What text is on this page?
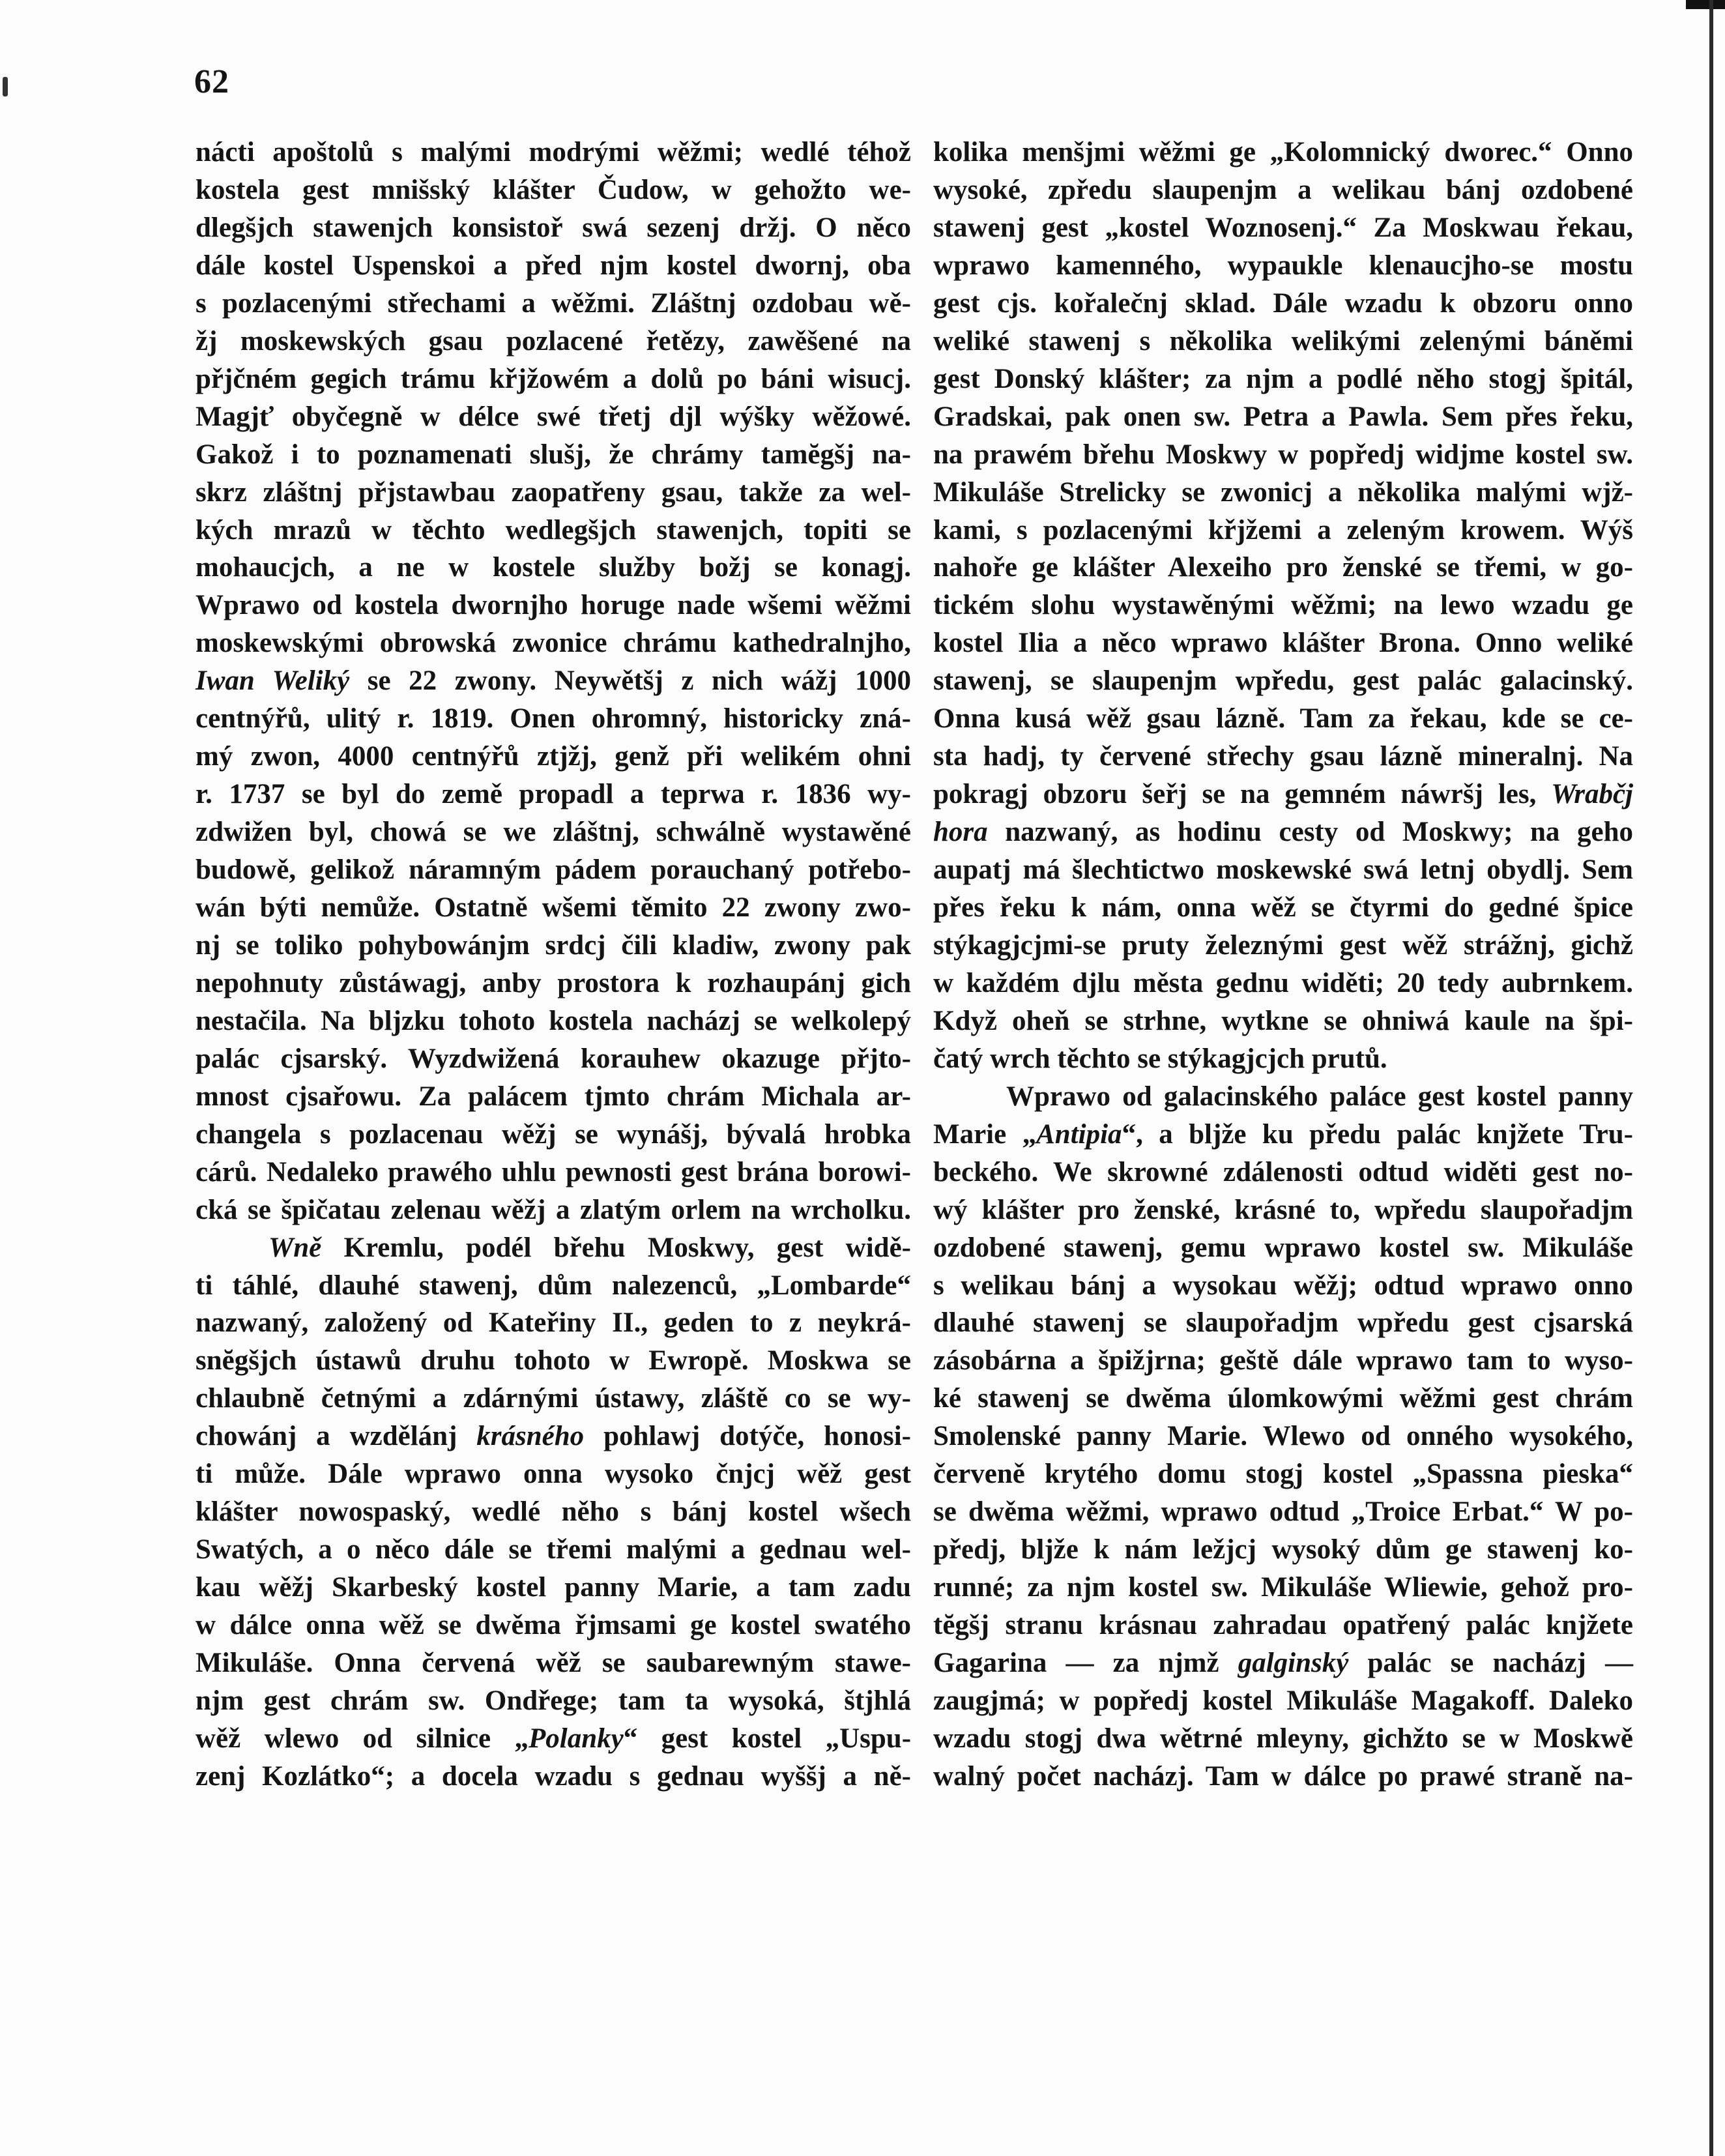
62
nácti apoštolů s malými modrými wěžmi; wedlé téhož
kostela gest mnišský klášter Čudow, w gehožto we-
dlegšjch stawenjch konsistoř swá sezenj držj. O něco
dále kostel Uspenskoi a před njm kostel dwornj, oba
s pozlacenými střechami a wěžmi. Zláštnj ozdobau wě-
žj moskewských gsau pozlacené řetězy, zawěšené na
přjčném gegich trámu křjžowém a dolů po báni wisucj.
Magjť obyčegně w délce swé třetj djl wýšky wěžowé.
Gakož i to poznamenati slušj, že chrámy tamĕgšj na-
skrz zláštnj přjstawbau zaopatřeny gsau, takže za wel-
kých mrazů w těchto wedlegšjch stawenjch, topiti se
mohaucjch, a ne w kostele služby božj se konagj.
Wprawo od kostela dwornjho horuge nade wšemi wěžmi
moskewskými obrowská zwonice chrámu kathedralnjho,
Iwan Weliký se 22 zwony. Neywětšj z nich wážj 1000
centnýřů, ulitý r. 1819. Onen ohromný, historicky zná-
mý zwon, 4000 centnýřů ztjžj, genž při welikém ohni
r. 1737 se byl do země propadl a teprwa r. 1836 wy-
zdwižen byl, chowá se we zláštnj, schwálně wystawěné
budowě, gelikož náramným pádem porauchaný potřebo-
wán býti nemůže. Ostatně wšemi těmito 22 zwony zwo-
nj se toliko pohybowánjm srdcj čili kladiw, zwony pak
nepohnuty zůstáwagj, anby prostora k rozhaupánj gich
nestačila. Na bljzku tohoto kostela nacházj se welkolepý
palác cjsarský. Wyzdwižená korauhew okazuge přjto-
mnost cjsařowu. Za palácem tjmto chrám Michala ar-
changela s pozlacenau wěžj se wynášj, bývalá hrobka
cárů. Nedaleko prawého uhlu pewnosti gest brána borowi-
cká se špičatau zelenau wěžj a zlatým orlem na wrcholku.
Wně Kremlu, podél břehu Moskwy, gest widě-
ti táhlé, dlauhé stawenj, dům nalezenců, „Lombarde“
nazwaný, založený od Kateřiny II., geden to z neykrá-
snĕgšjch ústawů druhu tohoto w Ewropě. Moskwa se
chlaubně četnými a zdárnými ústawy, zláště co se wy-
chowánj a wzdělánj krásného pohlawj dotýče, honosi-
ti může. Dále wprawo onna wysoko čnjcj wěž gest
klášter nowospaský, wedlé něho s bánj kostel wšech
Swatých, a o něco dále se třemi malými a gednau wel-
kau wěžj Skarbeský kostel panny Marie, a tam zadu
w dálce onna wěž se dwěma řjmsami ge kostel swatého
Mikuláše. Onna červená wěž se saubarewným stawe-
njm gest chrám sw. Ondřege; tam ta wysoká, štjhlá
wěž wlewo od silnice „Polanky“ gest kostel „Uspu-
zenj Kozlátko“; a docela wzadu s gednau wyššj a ně-
kolika menšjmi wěžmi ge „Kolomnický dworec.“ Onno
wysoké, zpředu slaupenjm a welikau bánj ozdobené
stawenj gest „kostel Woznosenj.“ Za Moskwau řekau,
wprawo kamenného, wypaukle klenaucjho-se mostu
gest cjs. kořalečnj sklad. Dále wzadu k obzoru onno
weliké stawenj s několika welikými zelenými báněmi
gest Donský klášter; za njm a podlé něho stogj špitál,
Gradskai, pak onen sw. Petra a Pawla. Sem přes řeku,
na prawém břehu Moskwy w popředj widjme kostel sw.
Mikuláše Strelicky se zwonicj a několika malými wjž-
kami, s pozlacenými křjžemi a zeleným krowem. Wýš
nahoře ge klášter Alexeiho pro ženské se třemi, w go-
tickém slohu wystawěnými wěžmi; na lewo wzadu ge
kostel Ilia a něco wprawo klášter Brona. Onno weliké
stawenj, se slaupenjm wpředu, gest palác galacinský.
Onna kusá wěž gsau lázně. Tam za řekau, kde se ce-
sta hadj, ty červené střechy gsau lázně mineralnj. Na
pokragj obzoru šeřj se na gemném náwršj les, Wrabčj
hora nazwaný, as hodinu cesty od Moskwy; na geho
aupatj má šlechtictwo moskewské swá letnj obydlj. Sem
přes řeku k nám, onna wěž se čtyrmi do gedné špice
stýkagjcjmi-se pruty železnými gest wěž strážnj, gichž
w každém djlu města gednu widěti; 20 tedy aubrnkem.
Když oheň se strhne, wytkne se ohniwá kaule na špi-
čatý wrch těchto se stýkagjcjch prutů.
Wprawo od galacinského paláce gest kostel panny
Marie „Antipia“, a bljže ku předu palác knjžete Tru-
beckého. We skrowné zdálenosti odtud widěti gest no-
wý klášter pro ženské, krásné to, wpředu slaupořadjm
ozdobené stawenj, gemu wprawo kostel sw. Mikuláše
s welikau bánj a wysokau wěžj; odtud wprawo onno
dlauhé stawenj se slaupořadjm wpředu gest cjsarská
zásobárna a špižjrna; geště dále wprawo tam to wyso-
ké stawenj se dwěma úlomkowými wěžmi gest chrám
Smolenské panny Marie. Wlewo od onného wysokého,
červeně krytého domu stogj kostel „Spassna pieska“
se dwěma wěžmi, wprawo odtud „Troice Erbat.“ W po-
předj, bljže k nám ležjcj wysoký dům ge stawenj ko-
runné; za njm kostel sw. Mikuláše Wliewie, gehož pro-
tĕgšj stranu krásnau zahradau opatřený palác knjžete
Gagarina — za njmž galginský palác se nacházj —
zaugjmá; w popředj kostel Mikuláše Magakoff. Daleko
wzadu stogj dwa wětrné mleyny, gichžto se w Moskwě
walný počet nacházj. Tam w dálce po prawé straně na-
